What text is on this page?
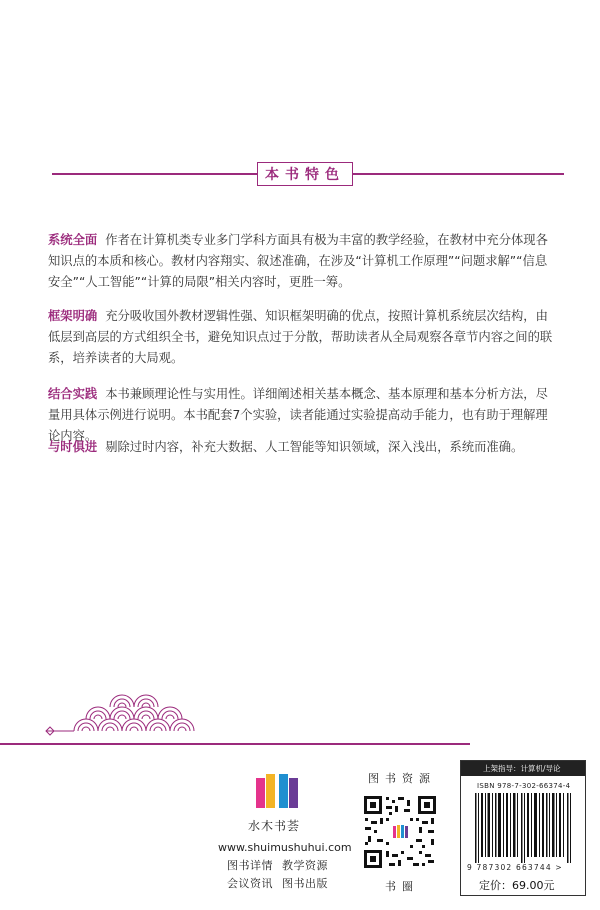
本书特色
系统全面 作者在计算机类专业多门学科方面具有极为丰富的教学经验，在教材中充分体现各知识点的本质和核心。教材内容翔实、叙述准确，在涉及“计算机工作原理”“问题求解”“信息安全”“人工智能”“计算的局限”相关内容时，更胜一筹。
框架明确 充分吸收国外教材逻辑性强、知识框架明确的优点，按照计算机系统层次结构，由低层到高层的方式组织全书，避免知识点过于分散，帮助读者从全局观察各章节内容之间的联系，培养读者的大局观。
结合实践 本书兼顾理论性与实用性。详细阐述相关基本概念、基本原理和基本分析方法，尽量用具体示例进行说明。本书配套7个实验，读者能通过实验提高动手能力，也有助于理解理论内容。
与时俱进 剔除过时内容，补充大数据、人工智能等知识领域，深入浅出，系统而准确。
水木书荟
www.shuimushuhui.com
图书详情 教学资源
会议资讯 图书出版
图书资源
书圈
上架指导：计算机/导论
ISBN 978-7-302-66374-4
9 787302 663744 >
定价：69.00元
